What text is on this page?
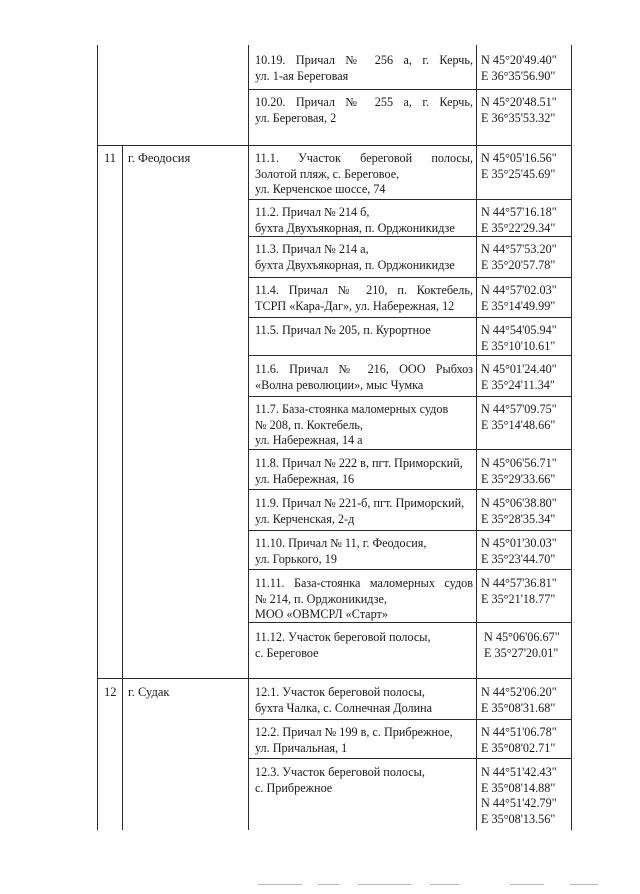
11 г. Феодосия
12 г. Судак
10.19. Причал № 256 а, г. Керчь,
ул. 1-ая Береговая
N 45°20'49.40"
E 36°35'56.90"
10.20. Причал № 255 а, г. Керчь,
ул. Береговая, 2
N 45°20'48.51"
E 36°35'53.32"
11.1. Участок береговой полосы,
Золотой пляж, с. Береговое,
ул. Керченское шоссе, 74
N 45°05'16.56"
E 35°25'45.69"
11.2. Причал № 214 б,
бухта Двухъякорная, п. Орджоникидзе
N 44°57'16.18"
E 35°22'29.34"
11.3. Причал № 214 а,
бухта Двухъякорная, п. Орджоникидзе
N 44°57'53.20"
E 35°20'57.78"
11.4. Причал № 210, п. Коктебель,
ТСРП «Кара-Даг», ул. Набережная, 12
N 44°57'02.03"
E 35°14'49.99"
11.5. Причал № 205, п. Курортное	N 44°54'05.94"
E 35°10'10.61"
11.6. Причал № 216, ООО Рыбхоз
«Волна революции», мыс Чумка
N 45°01'24.40"
E 35°24'11.34"
11.7. База-стоянка маломерных судов
№ 208, п. Коктебель,
ул. Набережная, 14 а
N 44°57'09.75"
E 35°14'48.66"
11.8. Причал № 222 в, пгт. Приморский,
ул. Набережная, 16
N 45°06'56.71"
E 35°29'33.66"
11.9. Причал № 221-б, пгт. Приморский,
ул. Керченская, 2-д
N 45°06'38.80"
E 35°28'35.34"
11.10. Причал № 11, г. Феодосия,
ул. Горького, 19
N 45°01'30.03"
E 35°23'44.70"
11.11. База-стоянка маломерных судов
№ 214, п. Орджоникидзе,
МОО «ОВМСРЛ «Старт»
N 44°57'36.81"
E 35°21'18.77"
11.12. Участок береговой полосы,
с. Береговое
N 45°06'06.67"
E 35°27'20.01"
12.1. Участок береговой полосы,
бухта Чалка, с. Солнечная Долина
N 44°52'06.20"
E 35°08'31.68"
12.2. Причал № 199 в, с. Прибрежное,
ул. Причальная, 1
N 44°51'06.78"
E 35°08'02.71"
12.3. Участок береговой полосы,
с. Прибрежное
N 44°51'42.43"
E 35°08'14.88"
N 44°51'42.79"
E 35°08'13.56"
